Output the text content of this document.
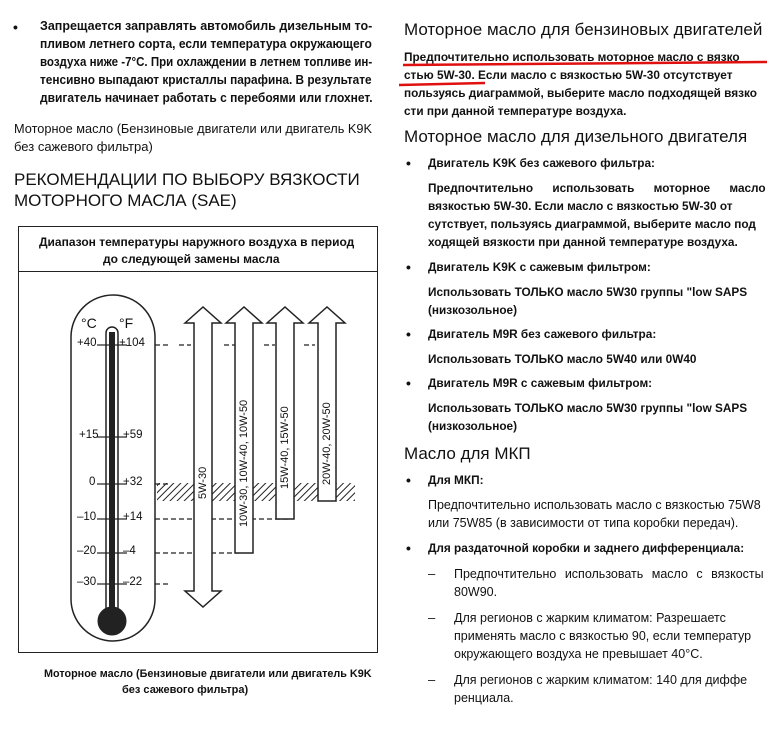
• Запрещается заправлять автомобиль дизельным то-
пливом летнего сорта, если температура окружающего
воздуха ниже -7°C. При охлаждении в летнем топливе ин-
тенсивно выпадают кристаллы парафина. В результате
двигатель начинает работать с перебоями или глохнет.
Моторное масло (Бензиновые двигатели или двигатель K9K
без сажевого фильтра)
РЕКОМЕНДАЦИИ ПО ВЫБОРУ ВЯЗКОСТИ
МОТОРНОГО МАСЛА (SAE)
Диапазон температуры наружного воздуха в период
до следующей замены масла
°C °F
+40
+15
0
–10
–20
–30
+104
+59
+32
+14
–4
–22
5W-30	10W-30, 10W-40, 10W-50	15W-40, 15W-50	20W-40, 20W-50
Моторное масло (Бензиновые двигатели или двигатель K9K
без сажевого фильтра)
Моторное масло для бензиновых двигателей
Предпочтительно использовать моторное масло с вязко
стью 5W-30. Если масло с вязкостью 5W-30 отсутствует
пользуясь диаграммой, выберите масло подходящей вязко
сти при данной температуре воздуха.
Моторное масло для дизельного двигателя
• Двигатель K9K без сажевого фильтра:
Предпочтительно использовать моторное масло
вязкостью 5W-30. Если масло с вязкостью 5W-30 от
сутствует, пользуясь диаграммой, выберите масло под
ходящей вязкости при данной температуре воздуха.
• Двигатель K9K с сажевым фильтром:
Использовать ТОЛЬКО масло 5W30 группы "low SAPS
(низкозольное)
• Двигатель M9R без сажевого фильтра:
Использовать ТОЛЬКО масло 5W40 или 0W40
• Двигатель M9R с сажевым фильтром:
Использовать ТОЛЬКО масло 5W30 группы "low SAPS
(низкозольное)
Масло для МКП
• Для МКП:
Предпочтительно использовать масло с вязкостью 75W8
или 75W85 (в зависимости от типа коробки передач).
• Для раздаточной коробки и заднего дифференциала:
– Предпочтительно использовать масло с вязкосты
80W90.
– Для регионов с жарким климатом: Разрешаетс
применять масло с вязкостью 90, если температур
окружающего воздуха не превышает 40°C.
– Для регионов с жарким климатом: 140 для диффе
ренциала.
